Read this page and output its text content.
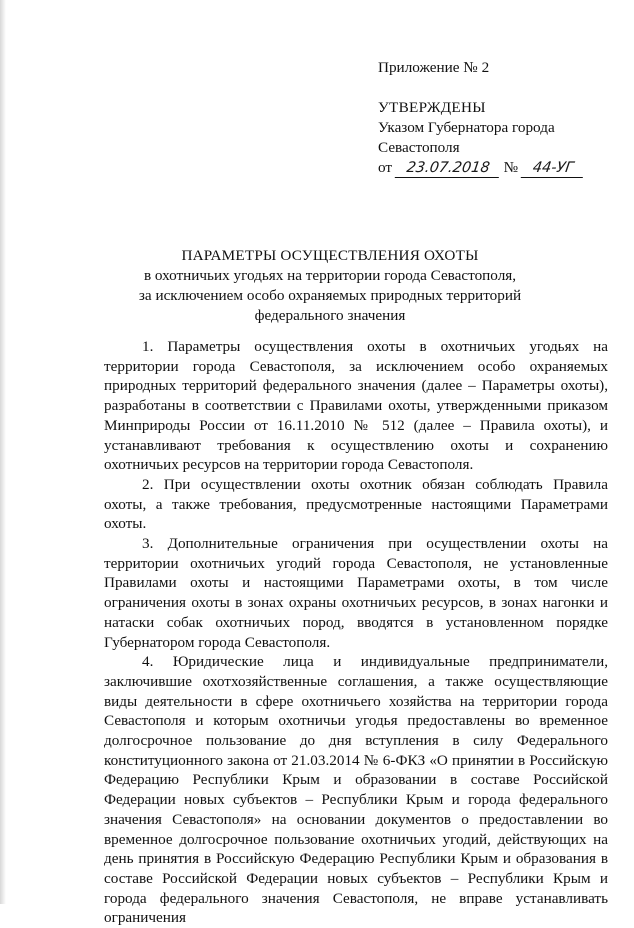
Приложение № 2
УТВЕРЖДЕНЫ
Указом Губернатора города
Севастополя
от 23.07.2018 № 44-УГ
ПАРАМЕТРЫ ОСУЩЕСТВЛЕНИЯ ОХОТЫ
в охотничьих угодьях на территории города Севастополя,
за исключением особо охраняемых природных территорий
федерального значения

1. Параметры осуществления охоты в охотничьих угодьях на территории города Севастополя, за исключением особо охраняемых природных территорий федерального значения (далее – Параметры охоты), разработаны в соответствии с Правилами охоты, утвержденными приказом Минприроды России от 16.11.2010 № 512 (далее – Правила охоты), и устанавливают требования к осуществлению охоты и сохранению охотничьих ресурсов на территории города Севастополя.

2. При осуществлении охоты охотник обязан соблюдать Правила охоты, а также требования, предусмотренные настоящими Параметрами охоты.

3. Дополнительные ограничения при осуществлении охоты на территории охотничьих угодий города Севастополя, не установленные Правилами охоты и настоящими Параметрами охоты, в том числе ограничения охоты в зонах охраны охотничьих ресурсов, в зонах нагонки и натаски собак охотничьих пород, вводятся в установленном порядке Губернатором города Севастополя.

4. Юридические лица и индивидуальные предприниматели, заключившие охотхозяйственные соглашения, а также осуществляющие виды деятельности в сфере охотничьего хозяйства на территории города Севастополя и которым охотничьи угодья предоставлены во временное долгосрочное пользование до дня вступления в силу Федерального конституционного закона от 21.03.2014 № 6-ФКЗ «О принятии в Российскую Федерацию Республики Крым и образовании в составе Российской Федерации новых субъектов – Республики Крым и города федерального значения Севастополя» на основании документов о предоставлении во временное долгосрочное пользование охотничьих угодий, действующих на день принятия в Российскую Федерацию Республики Крым и образования в составе Российской Федерации новых субъектов – Республики Крым и города федерального значения Севастополя, не вправе устанавливать ограничения
